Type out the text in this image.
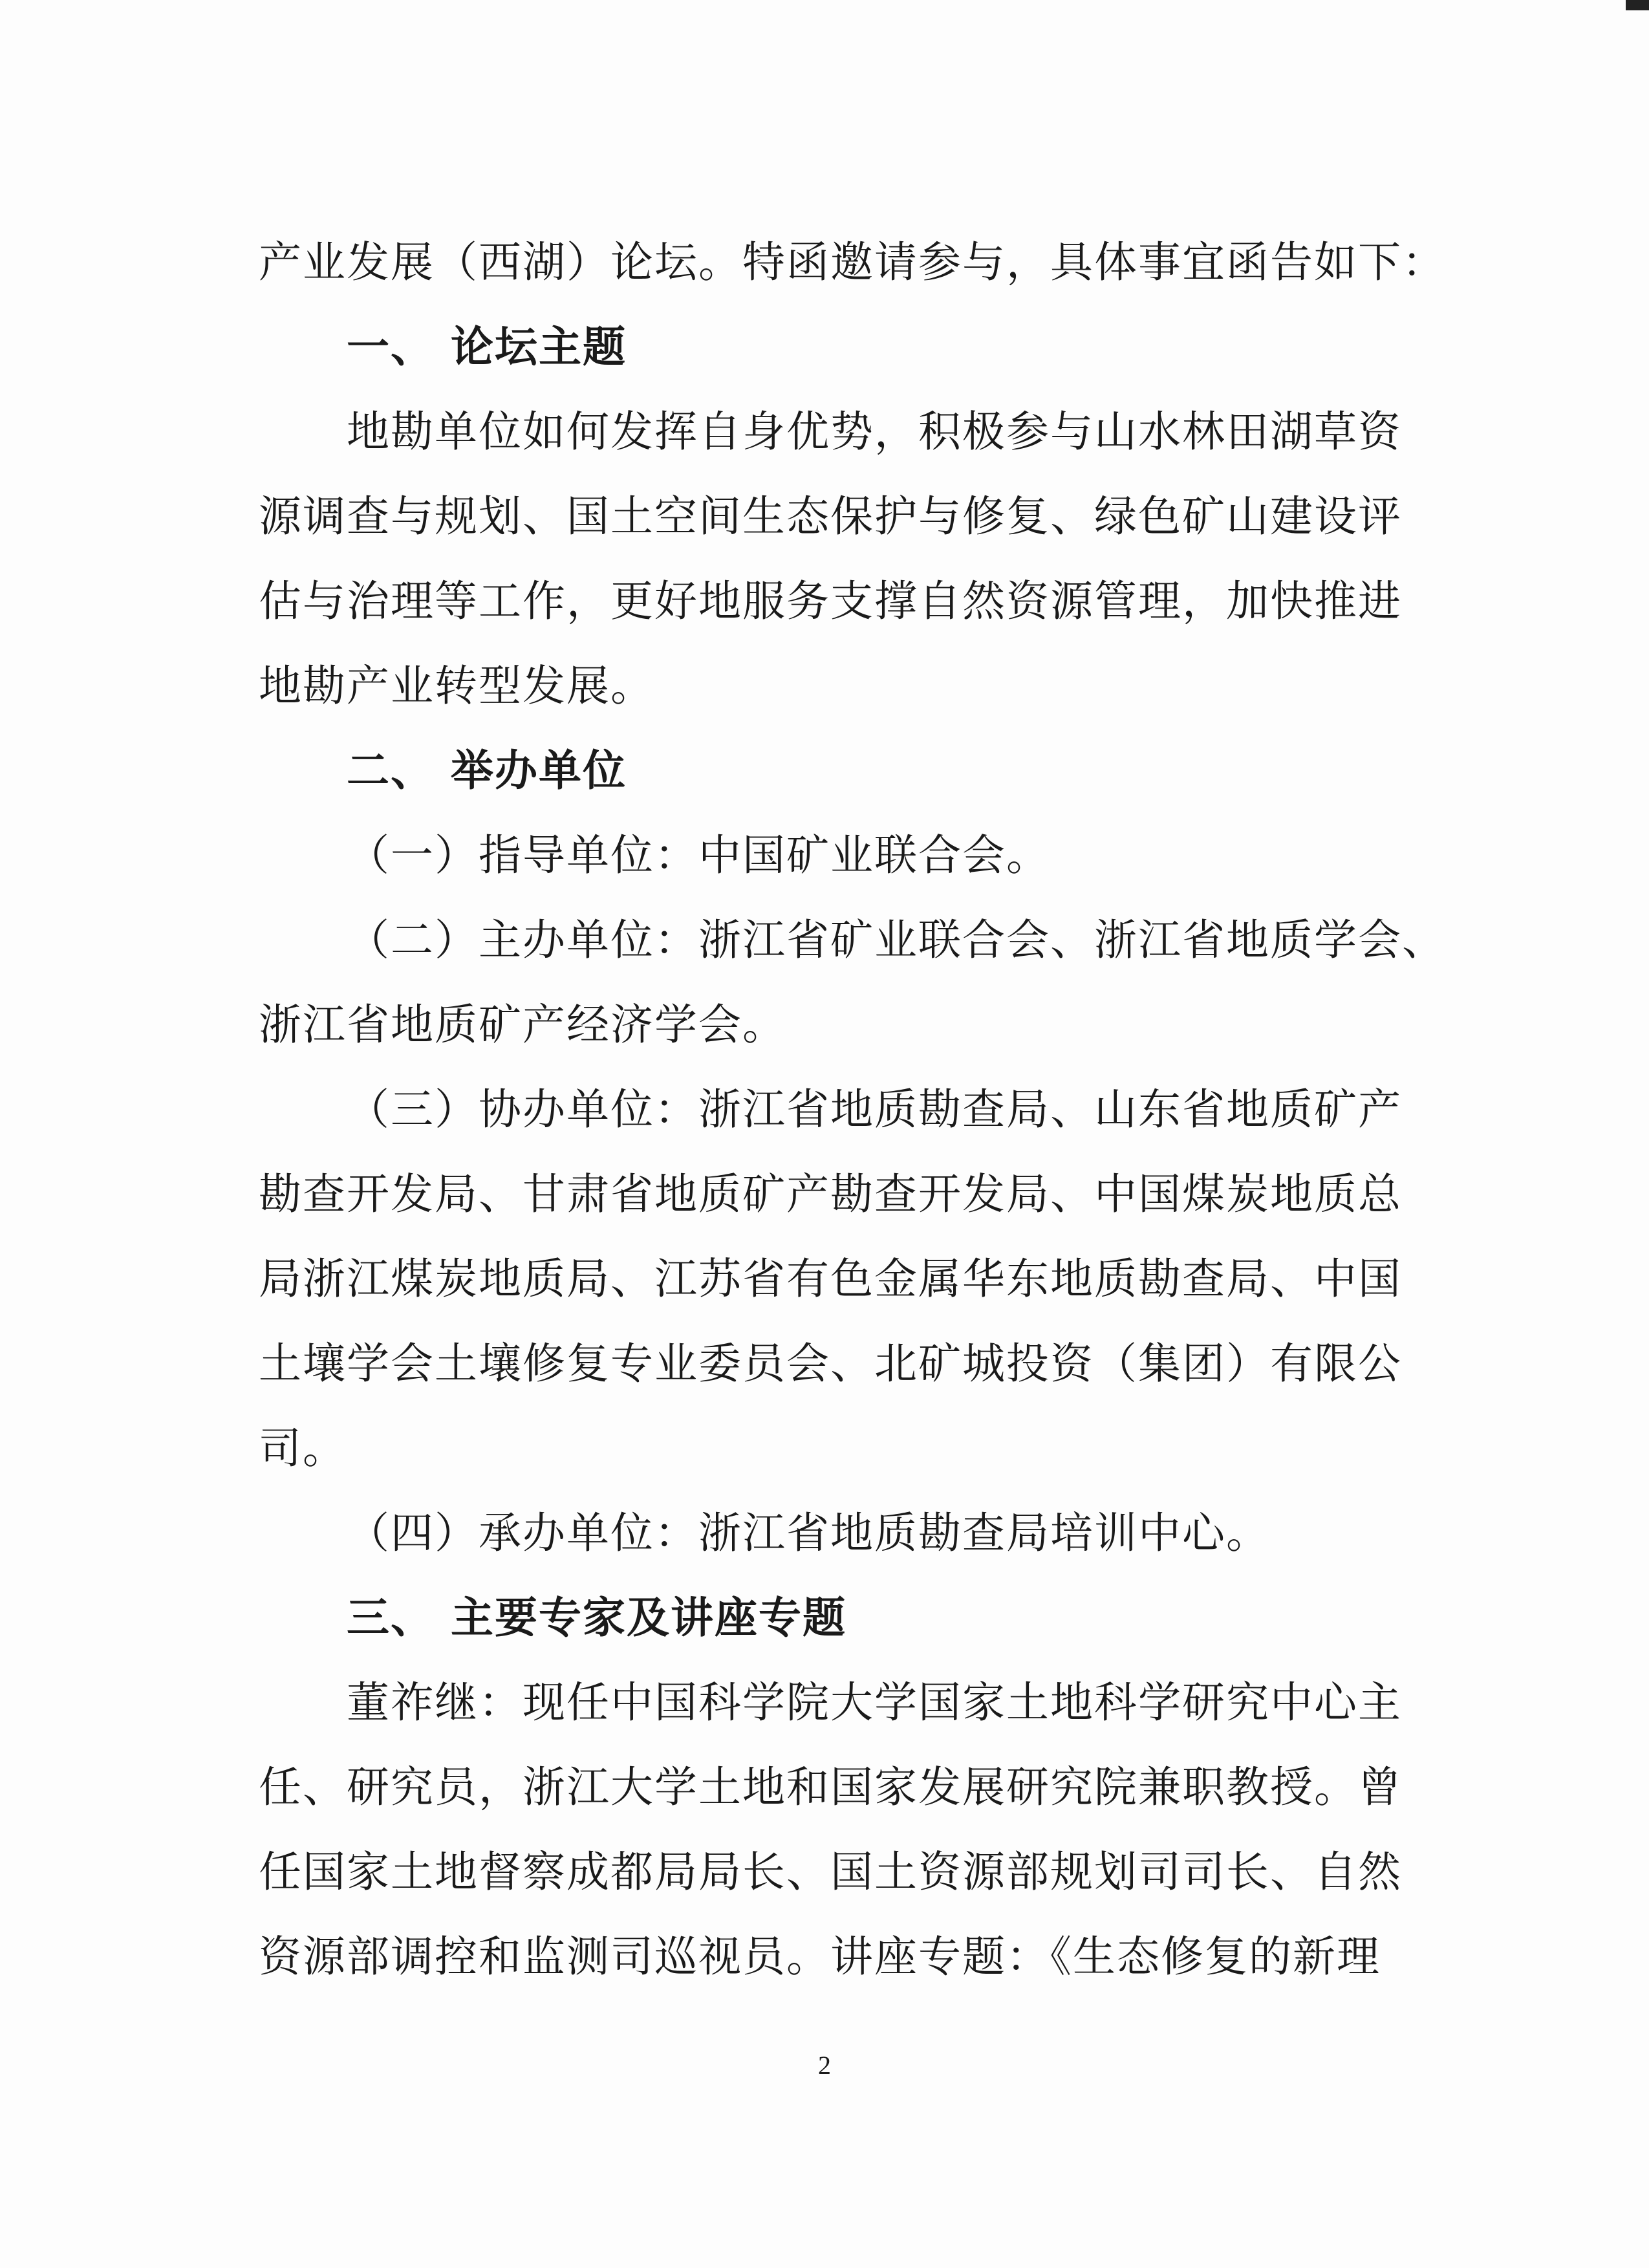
产业发展（西湖）论坛。特函邀请参与，具体事宜函告如下：
一、 论坛主题
地勘单位如何发挥自身优势，积极参与山水林田湖草资
源调查与规划、国土空间生态保护与修复、绿色矿山建设评
估与治理等工作，更好地服务支撑自然资源管理，加快推进
地勘产业转型发展。
二、 举办单位
（一）指导单位：中国矿业联合会。
（二）主办单位：浙江省矿业联合会、浙江省地质学会、
浙江省地质矿产经济学会。
（三）协办单位：浙江省地质勘查局、山东省地质矿产
勘查开发局、甘肃省地质矿产勘查开发局、中国煤炭地质总
局浙江煤炭地质局、江苏省有色金属华东地质勘查局、中国
土壤学会土壤修复专业委员会、北矿城投资（集团）有限公
司。
（四）承办单位：浙江省地质勘查局培训中心。
三、 主要专家及讲座专题
董祚继：现任中国科学院大学国家土地科学研究中心主
任、研究员，浙江大学土地和国家发展研究院兼职教授。曾
任国家土地督察成都局局长、国土资源部规划司司长、自然
资源部调控和监测司巡视员。讲座专题：《生态修复的新理
2
